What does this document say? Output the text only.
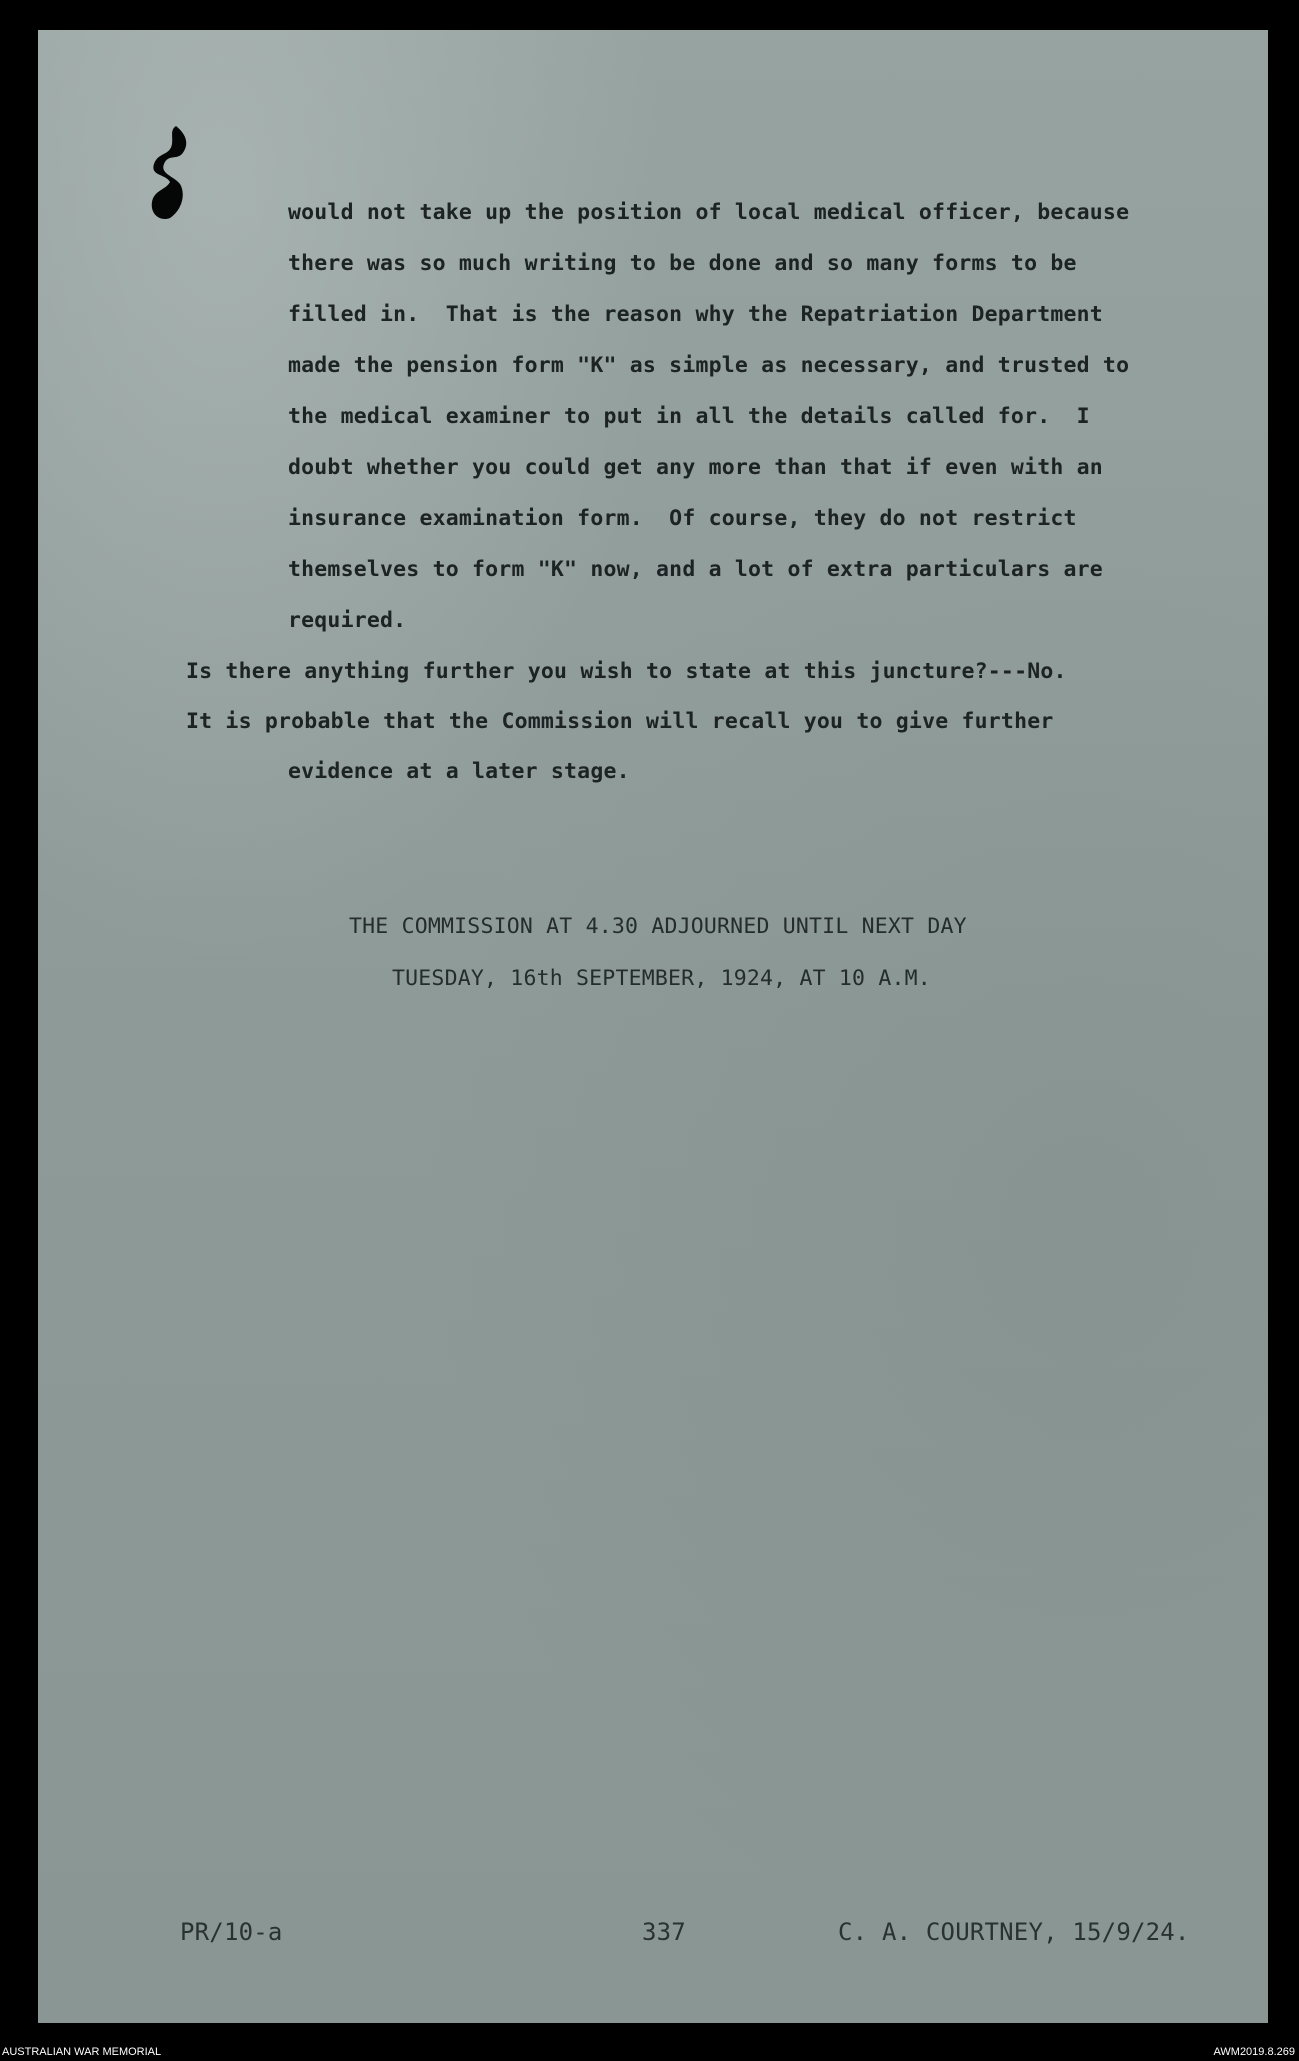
would not take up the position of local medical officer, because
there was so much writing to be done and so many forms to be
filled in.  That is the reason why the Repatriation Department
made the pension form "K" as simple as necessary, and trusted to
the medical examiner to put in all the details called for.  I
doubt whether you could get any more than that if even with an
insurance examination form.  Of course, they do not restrict
themselves to form "K" now, and a lot of extra particulars are
required.
Is there anything further you wish to state at this juncture?---No.
It is probable that the Commission will recall you to give further
evidence at a later stage.
THE COMMISSION AT 4.30 ADJOURNED UNTIL NEXT DAY
TUESDAY, 16th SEPTEMBER, 1924, AT 10 A.M.
PR/10-a	337	C. A. COURTNEY, 15/9/24.
AUSTRALIAN WAR MEMORIAL	AWM2019.8.269
